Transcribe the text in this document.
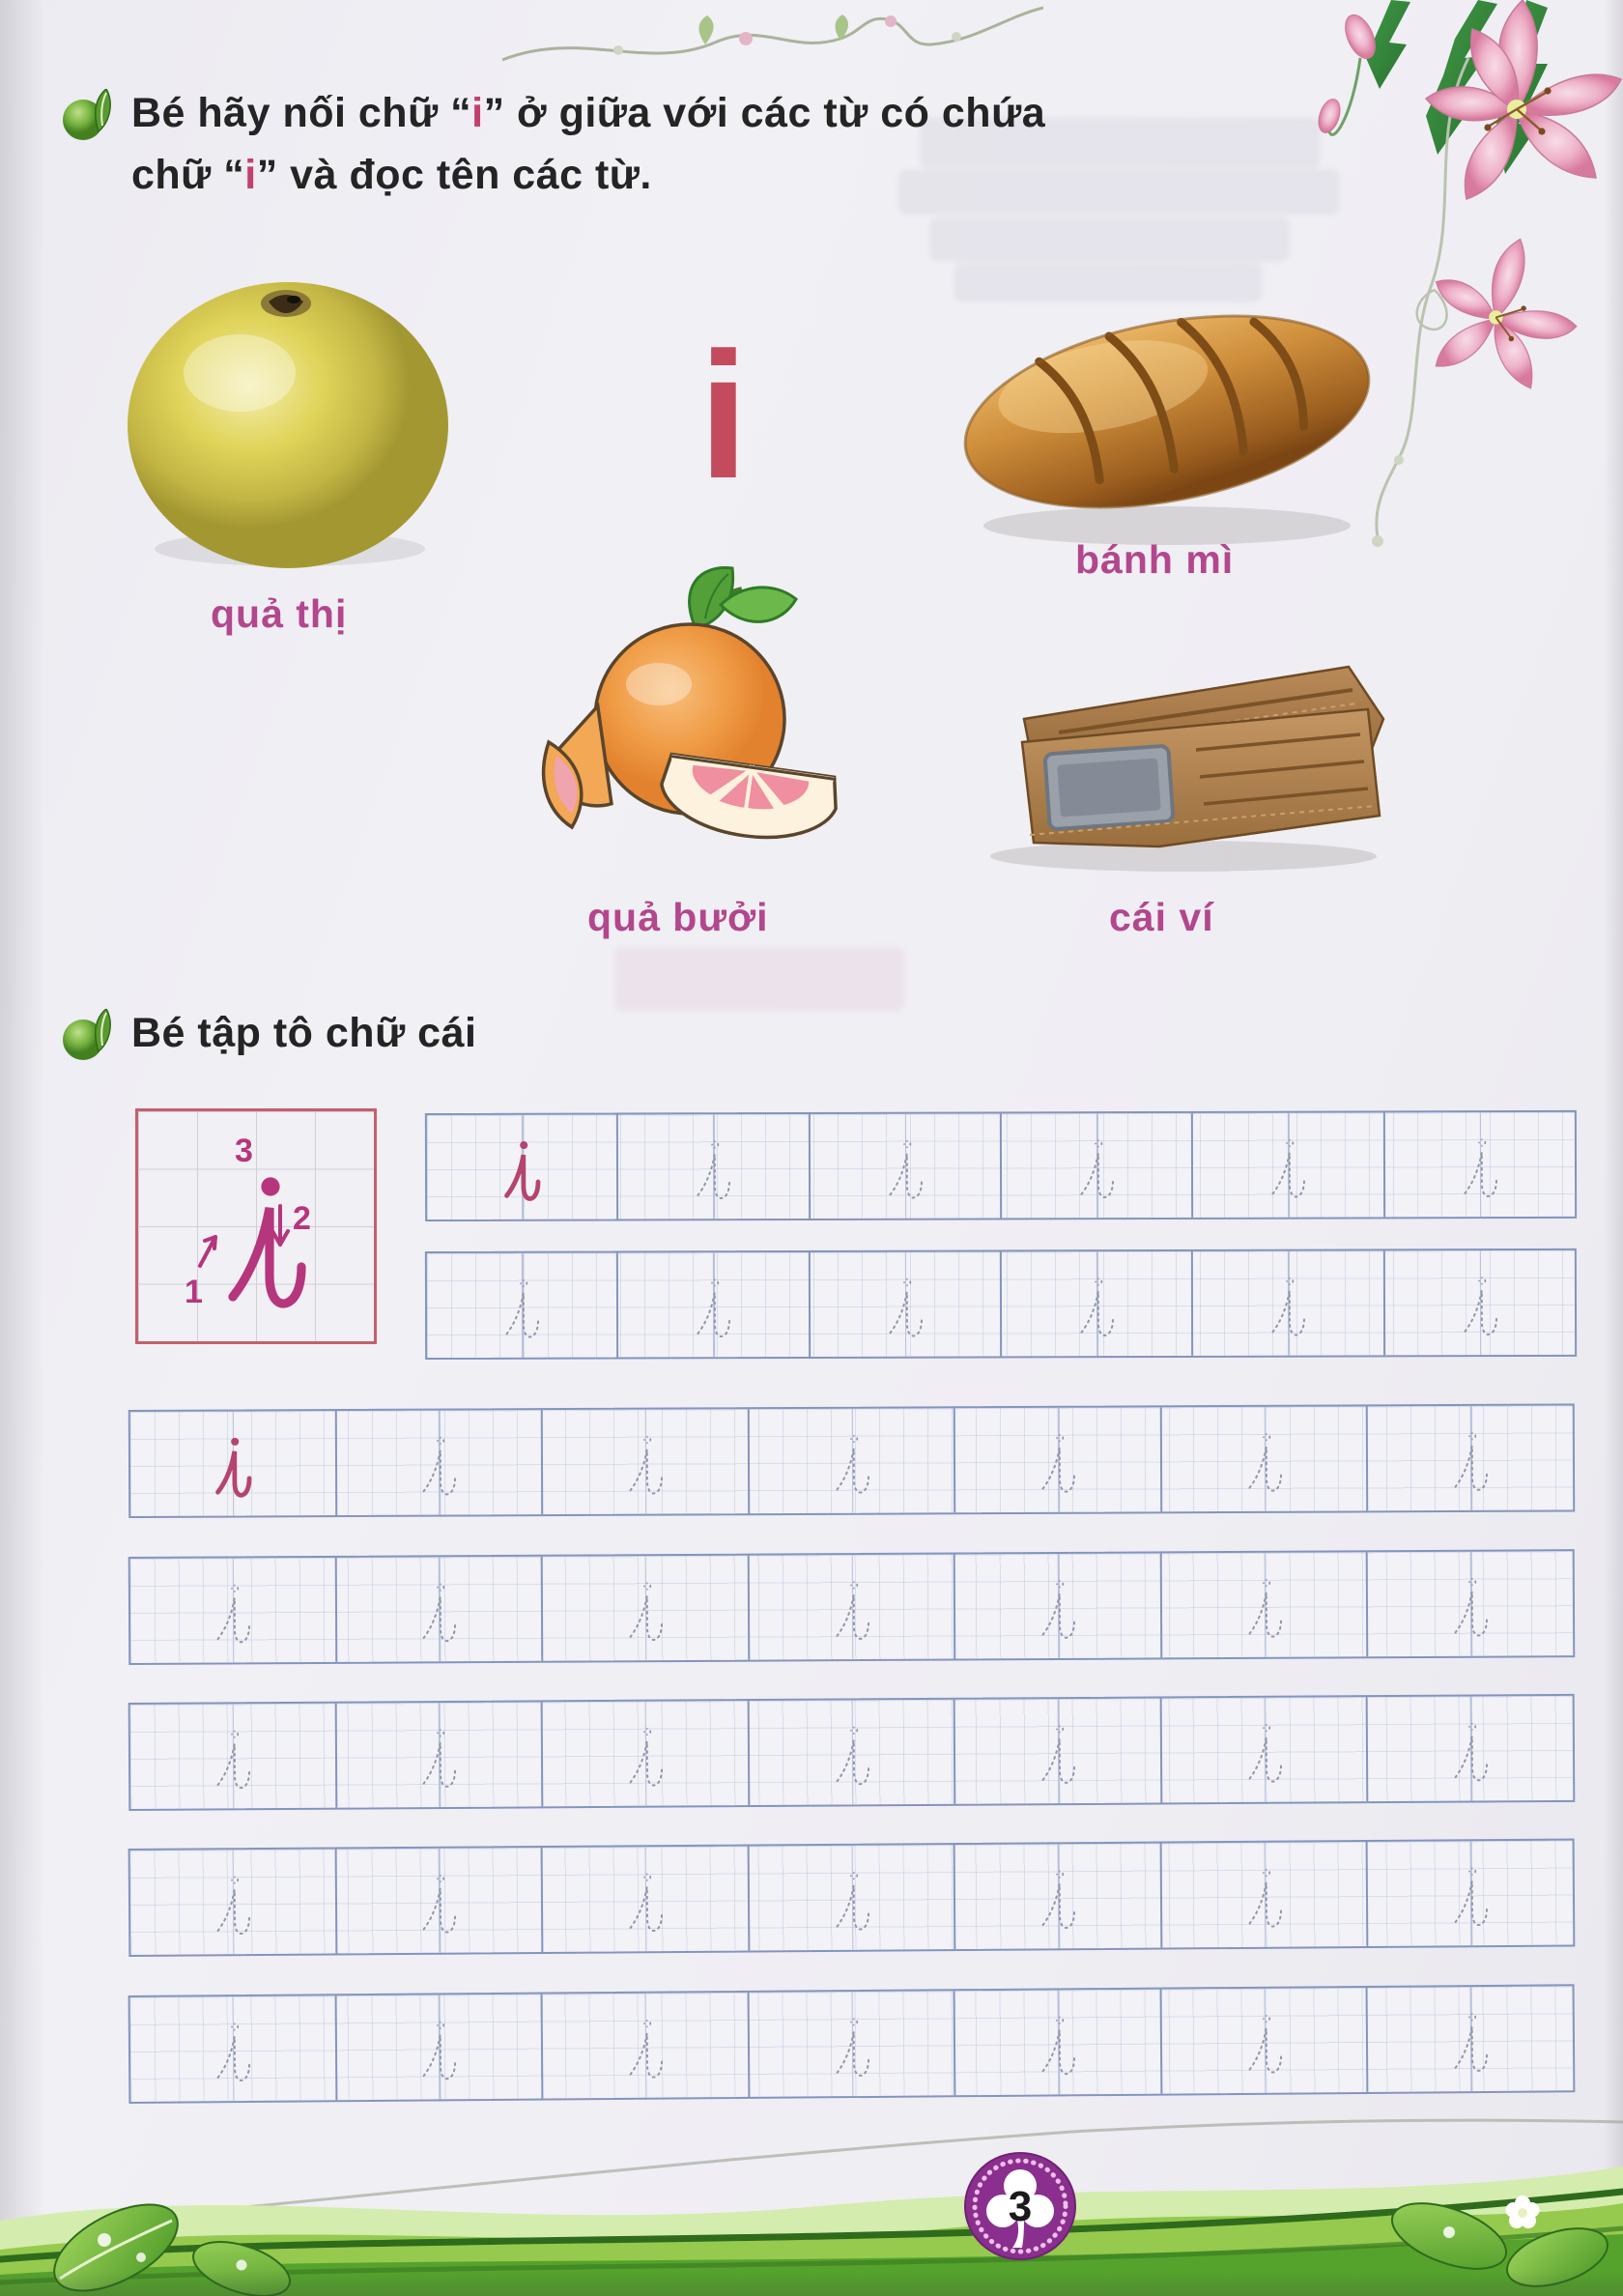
Bé hãy nối chữ “i” ở giữa với các từ có chứa
chữ “i” và đọc tên các từ.
i
quả thị
bánh mì
quả bưởi	cái ví
Bé tập tô chữ cái
3
2
1
3
